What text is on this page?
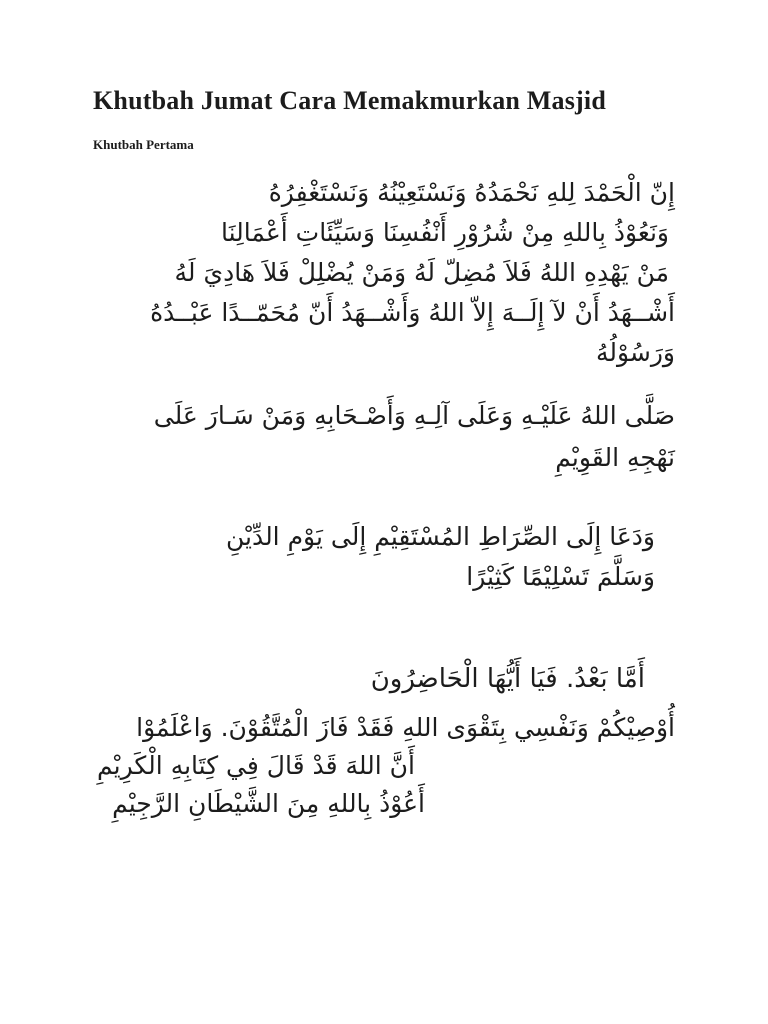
Khutbah Jumat Cara Memakmurkan Masjid

Khutbah Pertama

إِنّ الْحَمْدَ لِلهِ نَحْمَدُهُ وَنَسْتَعِيْنُهُ وَنَسْتَغْفِرُهُ
وَنَعُوْذُ بِاللهِ مِنْ شُرُوْرِ أَنْفُسِنَا وَسَيِّئَاتِ أَعْمَالِنَا
مَنْ يَهْدِهِ اللهُ فَلاَ مُضِلّ لَهُ وَمَنْ يُضْلِلْ فَلاَ هَادِيَ لَهُ
أَشْــهَدُ أَنْ لآ إِلَــهَ إِلاّ اللهُ وَأَشْــهَدُ أَنّ مُحَمّــدًا عَبْــدُهُ
وَرَسُوْلُهُ
صَلَّى اللهُ عَلَيْـهِ وَعَلَى آلِـهِ وَأَصْـحَابِهِ وَمَنْ سَـارَ عَلَى
نَهْجِهِ القَوِيْمِ
وَدَعَا إِلَى الصِّرَاطِ المُسْتَقِيْمِ إِلَى يَوْمِ الدِّيْنِ
وَسَلَّمَ تَسْلِيْمًا كَثِيْرًا
أَمَّا بَعْدُ. فَيَا أَيُّهَا الْحَاضِرُونَ
أُوْصِيْكُمْ وَنَفْسِي بِتَقْوَى اللهِ فَقَدْ فَازَ الْمُتَّقُوْنَ. وَاعْلَمُوْا
أَنَّ اللهَ قَدْ قَالَ فِي كِتَابِهِ الْكَرِيْمِ
أَعُوْذُ بِاللهِ مِنَ الشَّيْطَانِ الرَّجِيْمِ
